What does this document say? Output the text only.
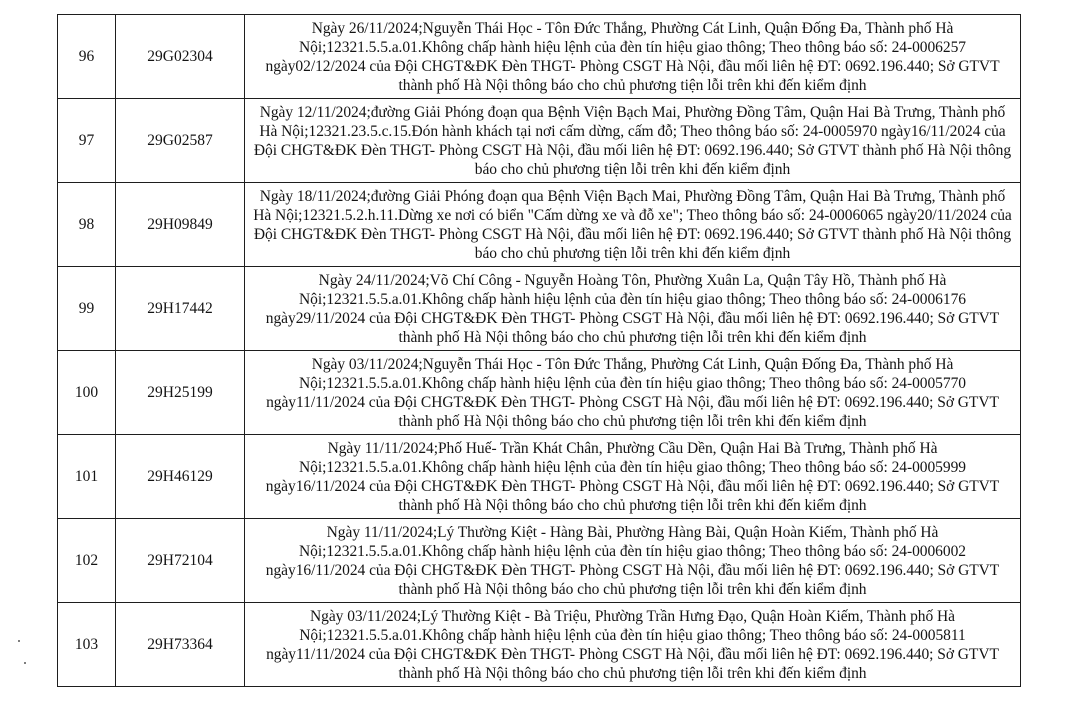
96	29G02304	Ngày 26/11/2024;Nguyễn Thái Học - Tôn Đức Thắng, Phường Cát Linh, Quận Đống Đa, Thành phố Hà Nội;12321.5.5.a.01.Không chấp hành hiệu lệnh của đèn tín hiệu giao thông; Theo thông báo số: 24-0006257 ngày02/12/2024 của Đội CHGT&ĐK Đèn THGT- Phòng CSGT Hà Nội, đầu mối liên hệ ĐT: 0692.196.440; Sở GTVT thành phố Hà Nội thông báo cho chủ phương tiện lỗi trên khi đến kiểm định
97	29G02587	Ngày 12/11/2024;đường Giải Phóng đoạn qua Bệnh Viện Bạch Mai, Phường Đồng Tâm, Quận Hai Bà Trưng, Thành phố Hà Nội;12321.23.5.c.15.Đón hành khách tại nơi cấm dừng, cấm đỗ; Theo thông báo số: 24-0005970 ngày16/11/2024 của Đội CHGT&ĐK Đèn THGT- Phòng CSGT Hà Nội, đầu mối liên hệ ĐT: 0692.196.440; Sở GTVT thành phố Hà Nội thông báo cho chủ phương tiện lỗi trên khi đến kiểm định
98	29H09849	Ngày 18/11/2024;đường Giải Phóng đoạn qua Bệnh Viện Bạch Mai, Phường Đồng Tâm, Quận Hai Bà Trưng, Thành phố Hà Nội;12321.5.2.h.11.Dừng xe nơi có biển "Cấm dừng xe và đỗ xe"; Theo thông báo số: 24-0006065 ngày20/11/2024 của Đội CHGT&ĐK Đèn THGT- Phòng CSGT Hà Nội, đầu mối liên hệ ĐT: 0692.196.440; Sở GTVT thành phố Hà Nội thông báo cho chủ phương tiện lỗi trên khi đến kiểm định
99	29H17442	Ngày 24/11/2024;Võ Chí Công - Nguyễn Hoàng Tôn, Phường Xuân La, Quận Tây Hồ, Thành phố Hà Nội;12321.5.5.a.01.Không chấp hành hiệu lệnh của đèn tín hiệu giao thông; Theo thông báo số: 24-0006176 ngày29/11/2024 của Đội CHGT&ĐK Đèn THGT- Phòng CSGT Hà Nội, đầu mối liên hệ ĐT: 0692.196.440; Sở GTVT thành phố Hà Nội thông báo cho chủ phương tiện lỗi trên khi đến kiểm định
100	29H25199	Ngày 03/11/2024;Nguyễn Thái Học - Tôn Đức Thắng, Phường Cát Linh, Quận Đống Đa, Thành phố Hà Nội;12321.5.5.a.01.Không chấp hành hiệu lệnh của đèn tín hiệu giao thông; Theo thông báo số: 24-0005770 ngày11/11/2024 của Đội CHGT&ĐK Đèn THGT- Phòng CSGT Hà Nội, đầu mối liên hệ ĐT: 0692.196.440; Sở GTVT thành phố Hà Nội thông báo cho chủ phương tiện lỗi trên khi đến kiểm định
101	29H46129	Ngày 11/11/2024;Phố Huế- Trần Khát Chân, Phường Cầu Dền, Quận Hai Bà Trưng, Thành phố Hà Nội;12321.5.5.a.01.Không chấp hành hiệu lệnh của đèn tín hiệu giao thông; Theo thông báo số: 24-0005999 ngày16/11/2024 của Đội CHGT&ĐK Đèn THGT- Phòng CSGT Hà Nội, đầu mối liên hệ ĐT: 0692.196.440; Sở GTVT thành phố Hà Nội thông báo cho chủ phương tiện lỗi trên khi đến kiểm định
102	29H72104	Ngày 11/11/2024;Lý Thường Kiệt - Hàng Bài, Phường Hàng Bài, Quận Hoàn Kiếm, Thành phố Hà Nội;12321.5.5.a.01.Không chấp hành hiệu lệnh của đèn tín hiệu giao thông; Theo thông báo số: 24-0006002 ngày16/11/2024 của Đội CHGT&ĐK Đèn THGT- Phòng CSGT Hà Nội, đầu mối liên hệ ĐT: 0692.196.440; Sở GTVT thành phố Hà Nội thông báo cho chủ phương tiện lỗi trên khi đến kiểm định
103	29H73364	Ngày 03/11/2024;Lý Thường Kiệt - Bà Triệu, Phường Trần Hưng Đạo, Quận Hoàn Kiếm, Thành phố Hà Nội;12321.5.5.a.01.Không chấp hành hiệu lệnh của đèn tín hiệu giao thông; Theo thông báo số: 24-0005811 ngày11/11/2024 của Đội CHGT&ĐK Đèn THGT- Phòng CSGT Hà Nội, đầu mối liên hệ ĐT: 0692.196.440; Sở GTVT thành phố Hà Nội thông báo cho chủ phương tiện lỗi trên khi đến kiểm định
